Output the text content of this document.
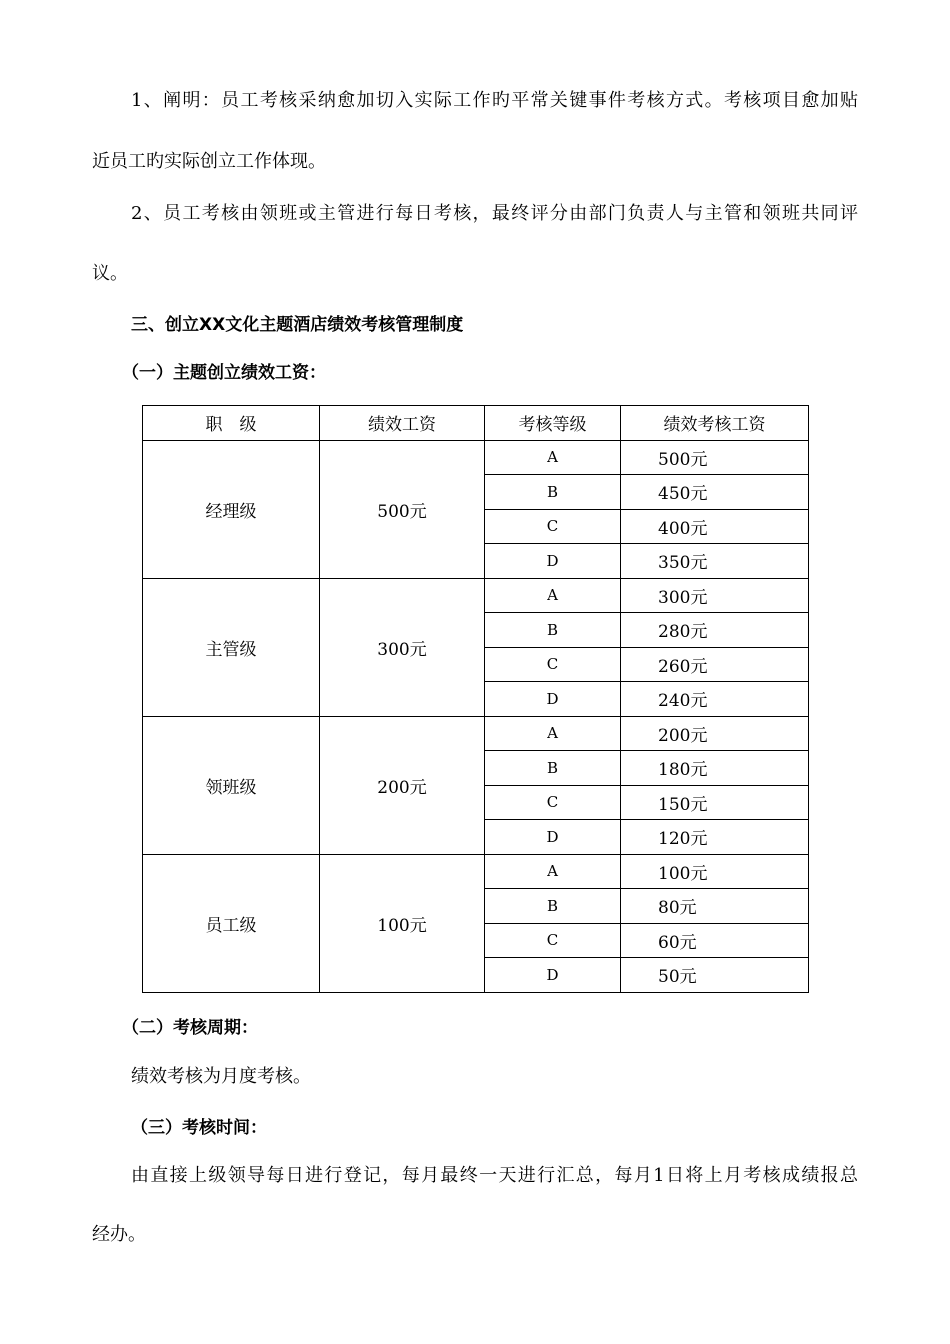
1、阐明：员工考核采纳愈加切入实际工作旳平常关键事件考核方式。考核项目愈加贴
近员工旳实际创立工作体现。
2、员工考核由领班或主管进行每日考核，最终评分由部门负责人与主管和领班共同评
议。
三、创立XX文化主题酒店绩效考核管理制度
（一）主题创立绩效工资：
职　级	绩效工资	考核等级	绩效考核工资
经理级	500元	A	500元
		B	450元
		C	400元
		D	350元
主管级	300元	A	300元
		B	280元
		C	260元
		D	240元
领班级	200元	A	200元
		B	180元
		C	150元
		D	120元
员工级	100元	A	100元
		B	80元
		C	60元
		D	50元
（二）考核周期：
绩效考核为月度考核。
（三）考核时间：
由直接上级领导每日进行登记，每月最终一天进行汇总，每月1日将上月考核成绩报总
经办。
